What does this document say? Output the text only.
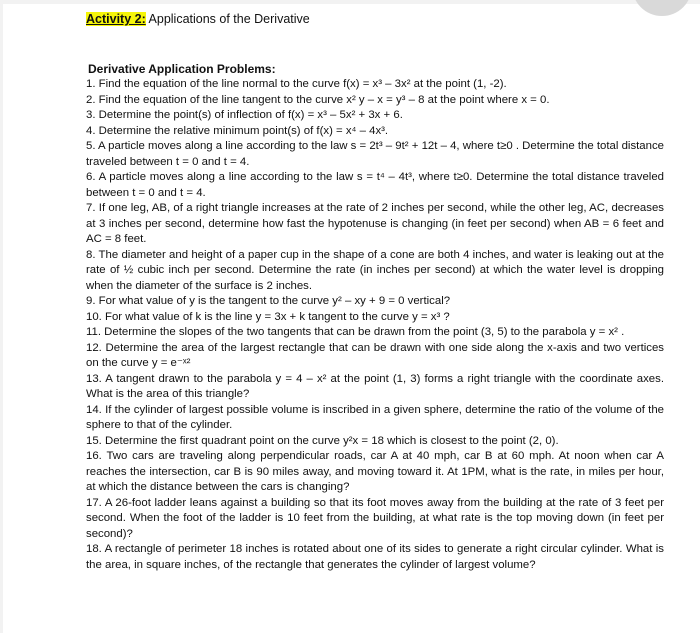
Activity 2: Applications of the Derivative
Derivative Application Problems:

1. Find the equation of the line normal to the curve f(x) = x³ – 3x² at the point (1, -2).

2. Find the equation of the line tangent to the curve x² y – x = y³ – 8 at the point where x = 0.

3. Determine the point(s) of inflection of f(x) = x³ – 5x² + 3x + 6.

4. Determine the relative minimum point(s) of f(x) = x⁴ – 4x³.

5. A particle moves along a line according to the law s = 2t³ – 9t² + 12t – 4, where t≥0 . Determine the total distance traveled between t = 0 and t = 4.

6. A particle moves along a line according to the law s = t⁴ – 4t³, where t≥0. Determine the total distance traveled between t = 0 and t = 4.

7. If one leg, AB, of a right triangle increases at the rate of 2 inches per second, while the other leg, AC, decreases at 3 inches per second, determine how fast the hypotenuse is changing (in feet per second) when AB = 6 feet and AC = 8 feet.

8. The diameter and height of a paper cup in the shape of a cone are both 4 inches, and water is leaking out at the rate of ½ cubic inch per second. Determine the rate (in inches per second) at which the water level is dropping when the diameter of the surface is 2 inches.

9. For what value of y is the tangent to the curve y² – xy + 9 = 0 vertical?

10. For what value of k is the line y = 3x + k tangent to the curve y = x³ ?

11. Determine the slopes of the two tangents that can be drawn from the point (3, 5) to the parabola y = x² .

12. Determine the area of the largest rectangle that can be drawn with one side along the x-axis and two vertices on the curve y = e⁻ˣ²

13. A tangent drawn to the parabola y = 4 – x² at the point (1, 3) forms a right triangle with the coordinate axes. What is the area of this triangle?

14. If the cylinder of largest possible volume is inscribed in a given sphere, determine the ratio of the volume of the sphere to that of the cylinder.

15. Determine the first quadrant point on the curve y²x = 18 which is closest to the point (2, 0).

16. Two cars are traveling along perpendicular roads, car A at 40 mph, car B at 60 mph. At noon when car A reaches the intersection, car B is 90 miles away, and moving toward it. At 1PM, what is the rate, in miles per hour, at which the distance between the cars is changing?

17. A 26-foot ladder leans against a building so that its foot moves away from the building at the rate of 3 feet per second. When the foot of the ladder is 10 feet from the building, at what rate is the top moving down (in feet per second)?

18. A rectangle of perimeter 18 inches is rotated about one of its sides to generate a right circular cylinder. What is the area, in square inches, of the rectangle that generates the cylinder of largest volume?
